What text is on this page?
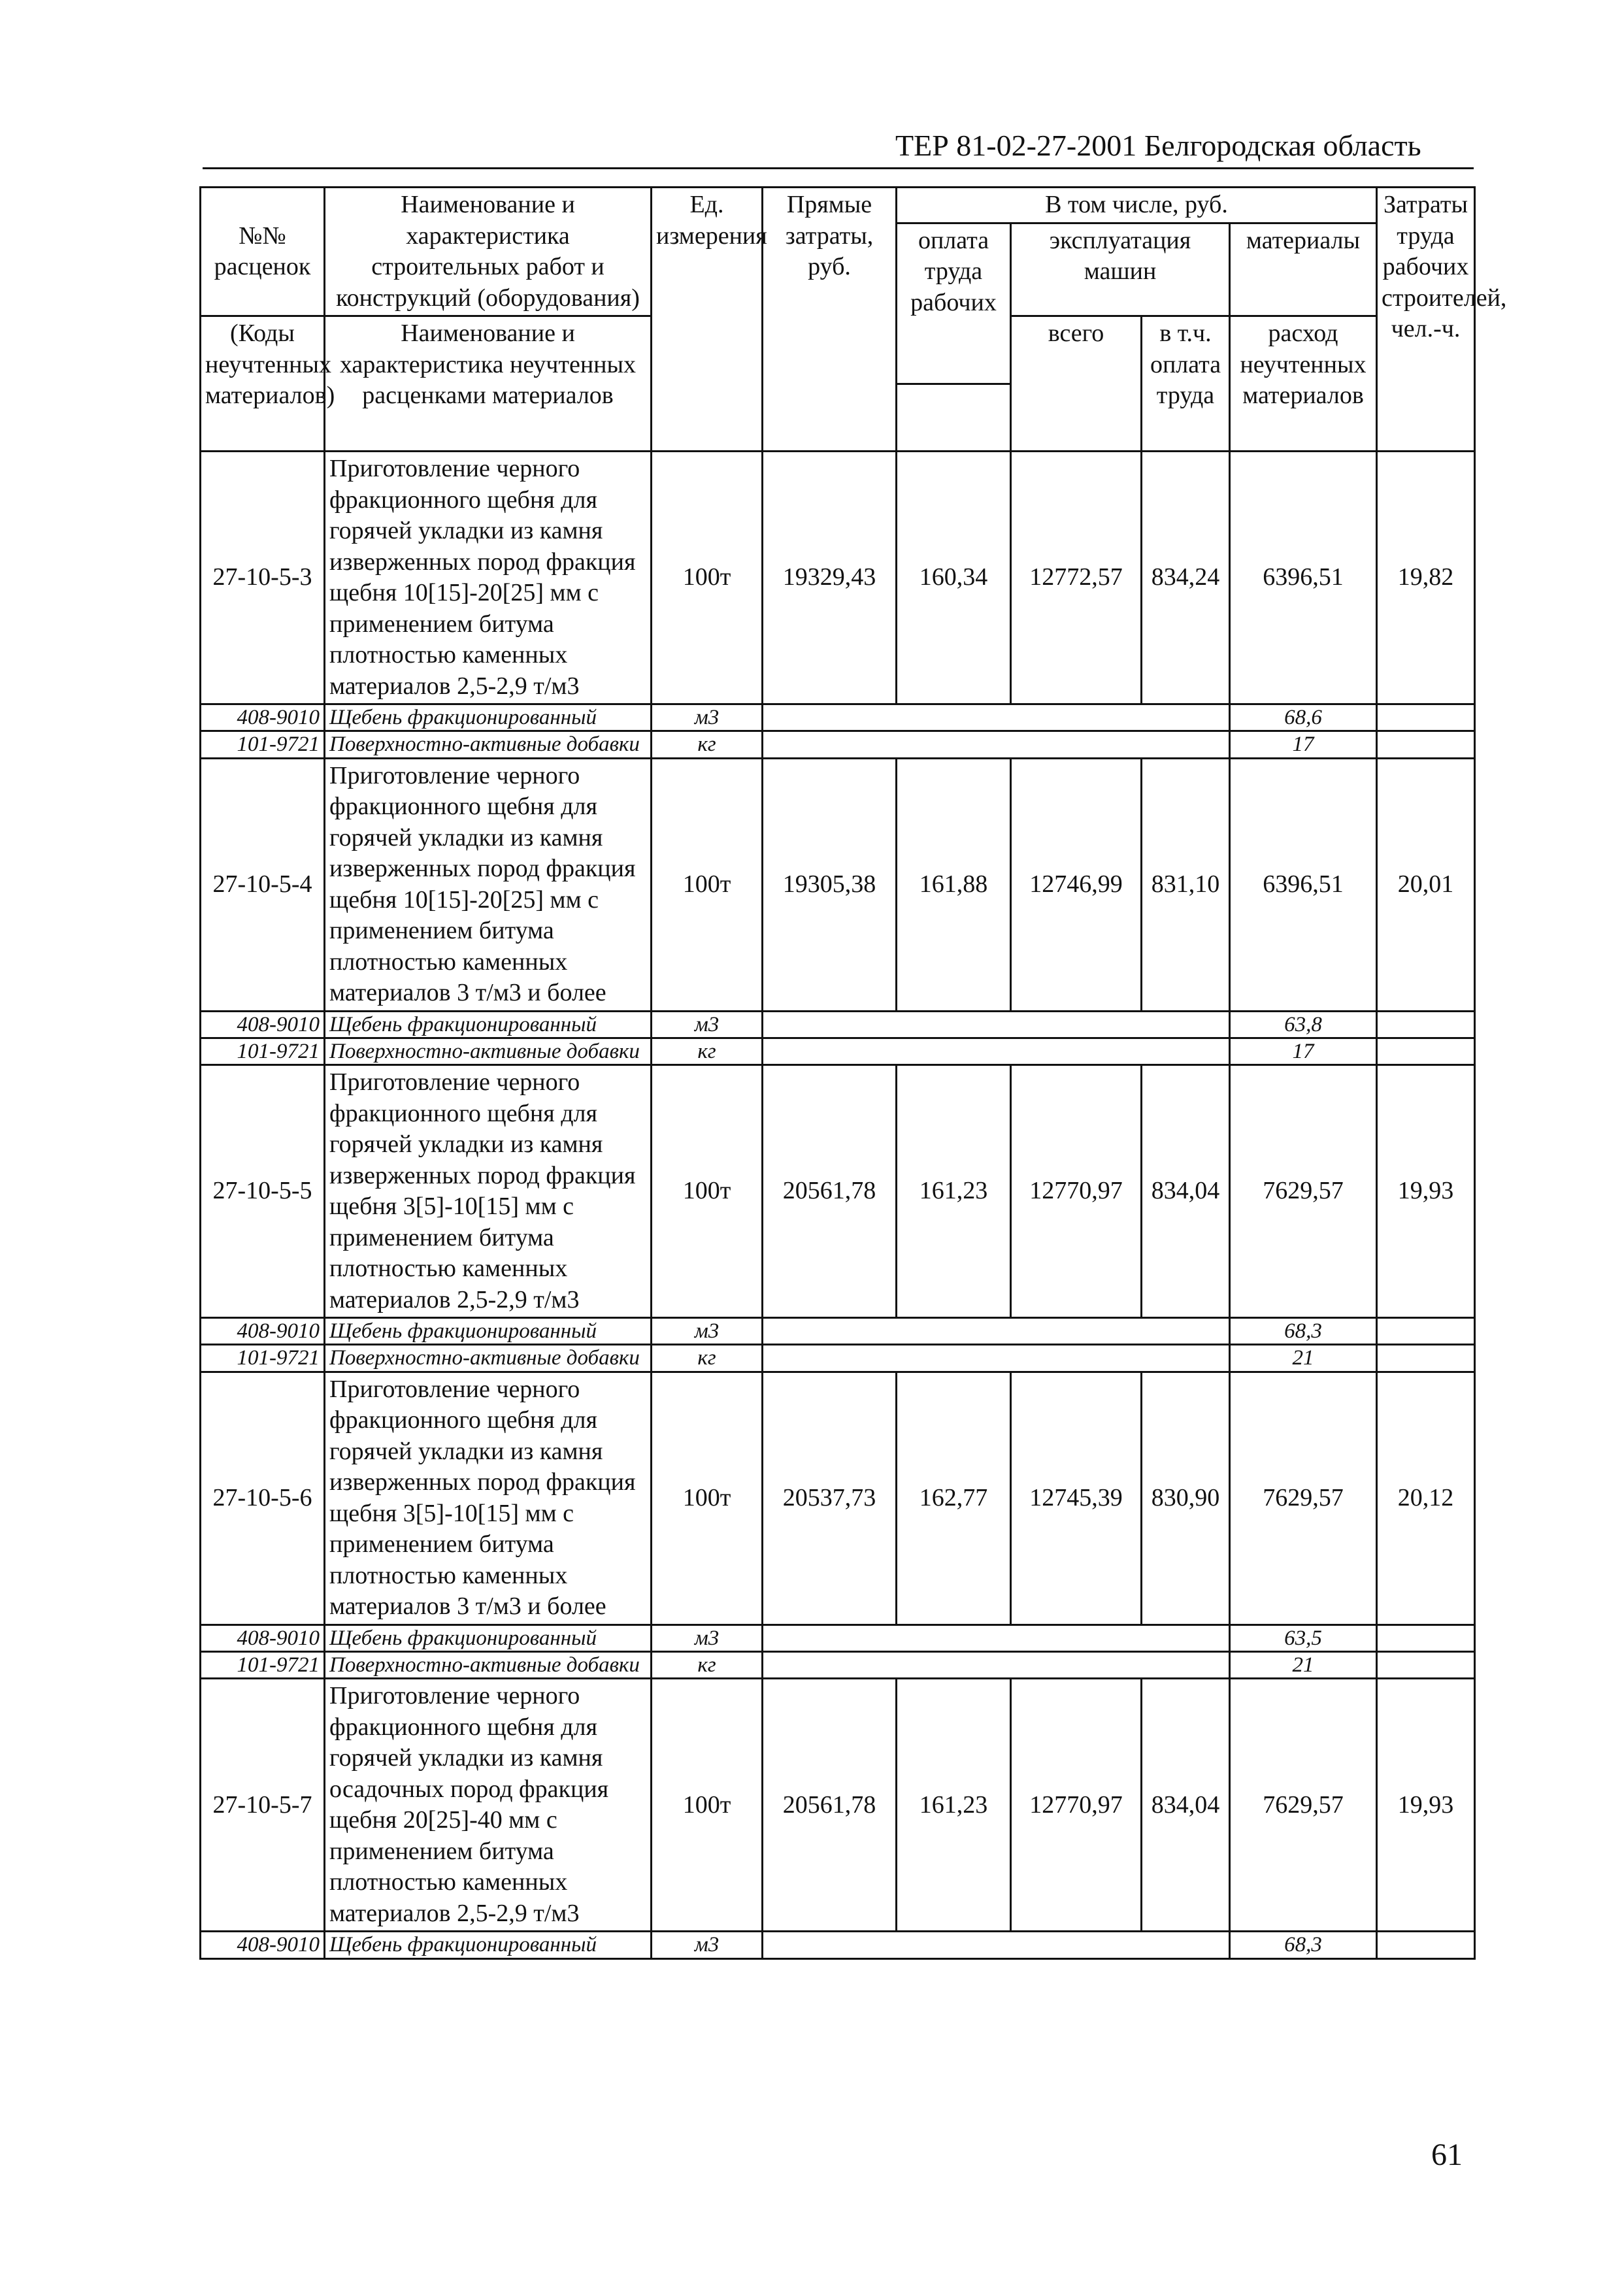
ТЕР 81-02-27-2001 Белгородская область
№№ расценок	Наименование и характеристика строительных работ и конструкций (оборудования)	Ед. измерения	Прямые затраты, руб.	В том числе, руб.				Затраты труда рабочих строителей, чел.-ч.
				оплата труда рабочих	эксплуатация машин		материалы	
(Коды неучтенных материалов)	Наименование и характеристика неучтенных расценками материалов				всего	в т.ч. оплата труда	расход неучтенных материалов	

27-10-5-3	Приготовление черного фракционного щебня для горячей укладки из камня изверженных пород фракция щебня 10[15]-20[25] мм с применением битума плотностью каменных материалов 2,5-2,9 т/м3	100т	19329,43	160,34	12772,57	834,24	6396,51	19,82
408-9010	Щебень фракционированный	м3					68,6	
101-9721	Поверхностно-активные добавки	кг					17	
27-10-5-4	Приготовление черного фракционного щебня для горячей укладки из камня изверженных пород фракция щебня 10[15]-20[25] мм с применением битума плотностью каменных материалов 3 т/м3 и более	100т	19305,38	161,88	12746,99	831,10	6396,51	20,01
408-9010	Щебень фракционированный	м3					63,8	
101-9721	Поверхностно-активные добавки	кг					17	
27-10-5-5	Приготовление черного фракционного щебня для горячей укладки из камня изверженных пород фракция щебня 3[5]-10[15] мм с применением битума плотностью каменных материалов 2,5-2,9 т/м3	100т	20561,78	161,23	12770,97	834,04	7629,57	19,93
408-9010	Щебень фракционированный	м3					68,3	
101-9721	Поверхностно-активные добавки	кг					21	
27-10-5-6	Приготовление черного фракционного щебня для горячей укладки из камня изверженных пород фракция щебня 3[5]-10[15] мм с применением битума плотностью каменных материалов 3 т/м3 и более	100т	20537,73	162,77	12745,39	830,90	7629,57	20,12
408-9010	Щебень фракционированный	м3					63,5	
101-9721	Поверхностно-активные добавки	кг					21	
27-10-5-7	Приготовление черного фракционного щебня для горячей укладки из камня осадочных пород фракция щебня 20[25]-40 мм с применением битума плотностью каменных материалов 2,5-2,9 т/м3	100т	20561,78	161,23	12770,97	834,04	7629,57	19,93
408-9010	Щебень фракционированный	м3					68,3	
61
